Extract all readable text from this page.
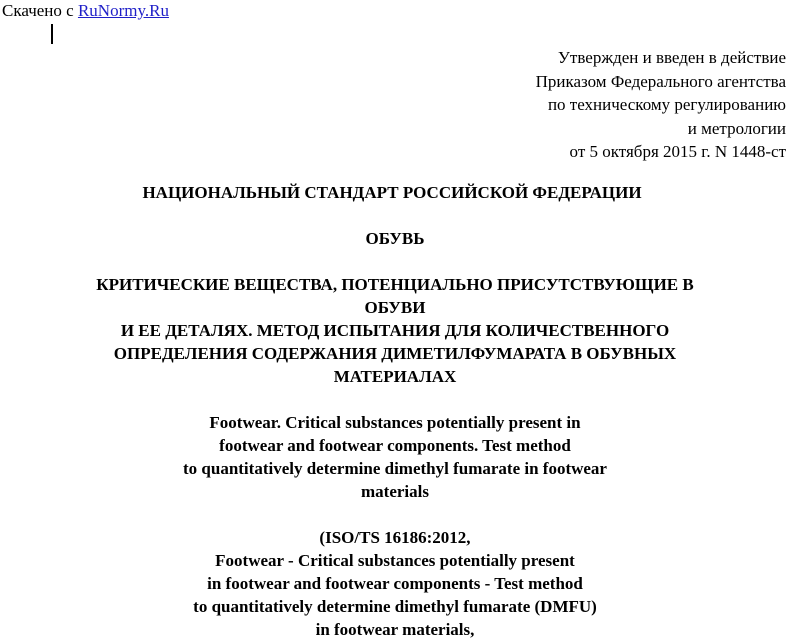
Скачено с RuNormy.Ru
Утвержден и введен в действие
Приказом Федерального агентства
по техническому регулированию
и метрологии
от 5 октября 2015 г. N 1448-ст
НАЦИОНАЛЬНЫЙ СТАНДАРТ РОССИЙСКОЙ ФЕДЕРАЦИИ
ОБУВЬ
КРИТИЧЕСКИЕ ВЕЩЕСТВА, ПОТЕНЦИАЛЬНО ПРИСУТСТВУЮЩИЕ В
ОБУВИ
И ЕЕ ДЕТАЛЯХ. МЕТОД ИСПЫТАНИЯ ДЛЯ КОЛИЧЕСТВЕННОГО
ОПРЕДЕЛЕНИЯ СОДЕРЖАНИЯ ДИМЕТИЛФУМАРАТА В ОБУВНЫХ
МАТЕРИАЛАХ
Footwear. Critical substances potentially present in
footwear and footwear components. Test method
to quantitatively determine dimethyl fumarate in footwear
materials
(ISO/TS 16186:2012,
Footwear - Critical substances potentially present
in footwear and footwear components - Test method
to quantitatively determine dimethyl fumarate (DMFU)
in footwear materials,
